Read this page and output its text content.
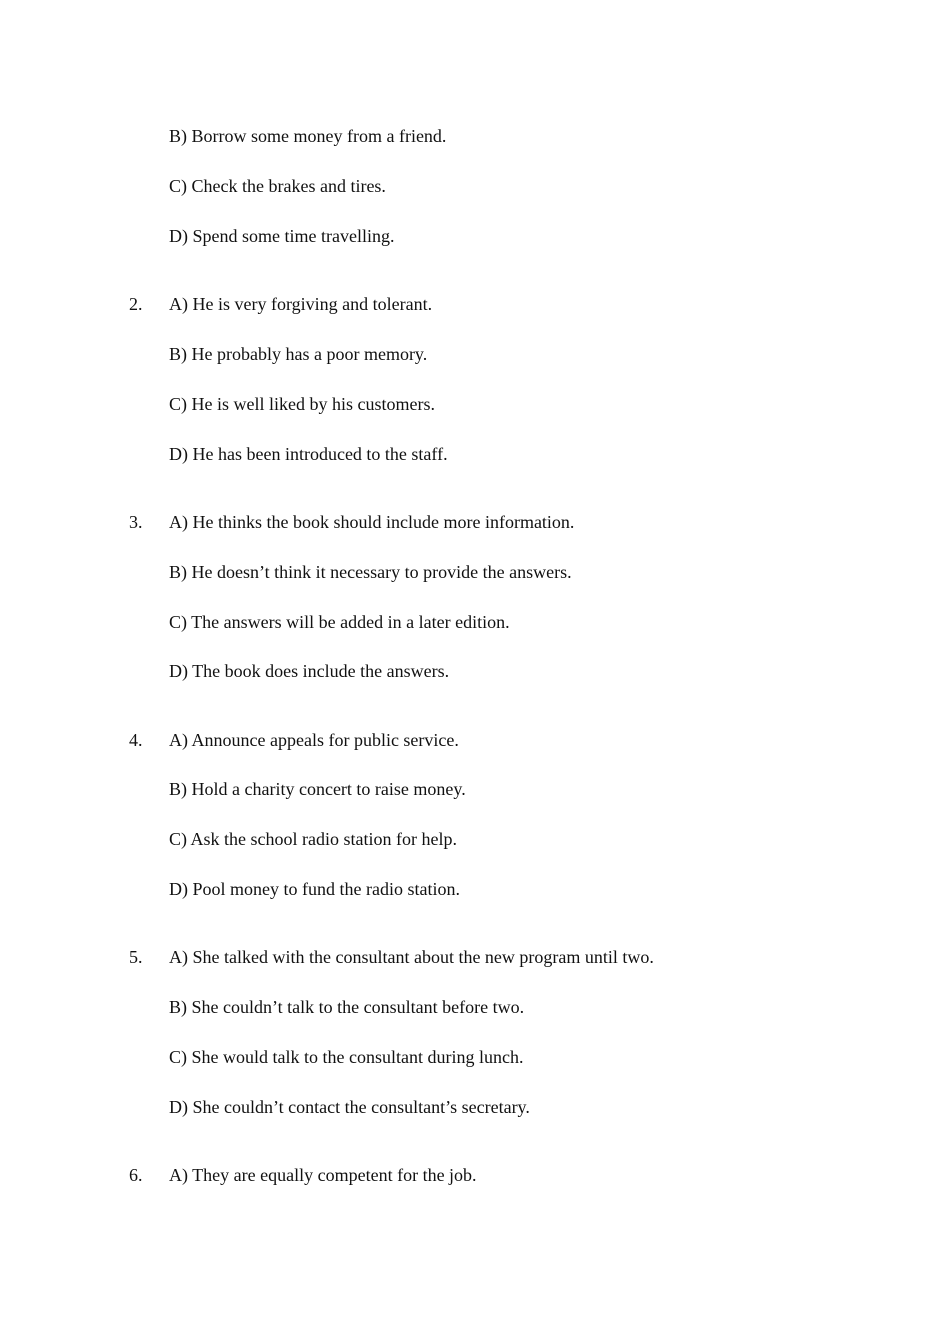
B) Borrow some money from a friend.
C) Check the brakes and tires.
D) Spend some time travelling.
2.	A) He is very forgiving and tolerant.
B) He probably has a poor memory.
C) He is well liked by his customers.
D) He has been introduced to the staff.
3.	A) He thinks the book should include more information.
B) He doesn’t think it necessary to provide the answers.
C) The answers will be added in a later edition.
D) The book does include the answers.
4.	A) Announce appeals for public service.
B) Hold a charity concert to raise money.
C) Ask the school radio station for help.
D) Pool money to fund the radio station.
5.	A) She talked with the consultant about the new program until two.
B) She couldn’t talk to the consultant before two.
C) She would talk to the consultant during lunch.
D) She couldn’t contact the consultant’s secretary.
6.	A) They are equally competent for the job.
